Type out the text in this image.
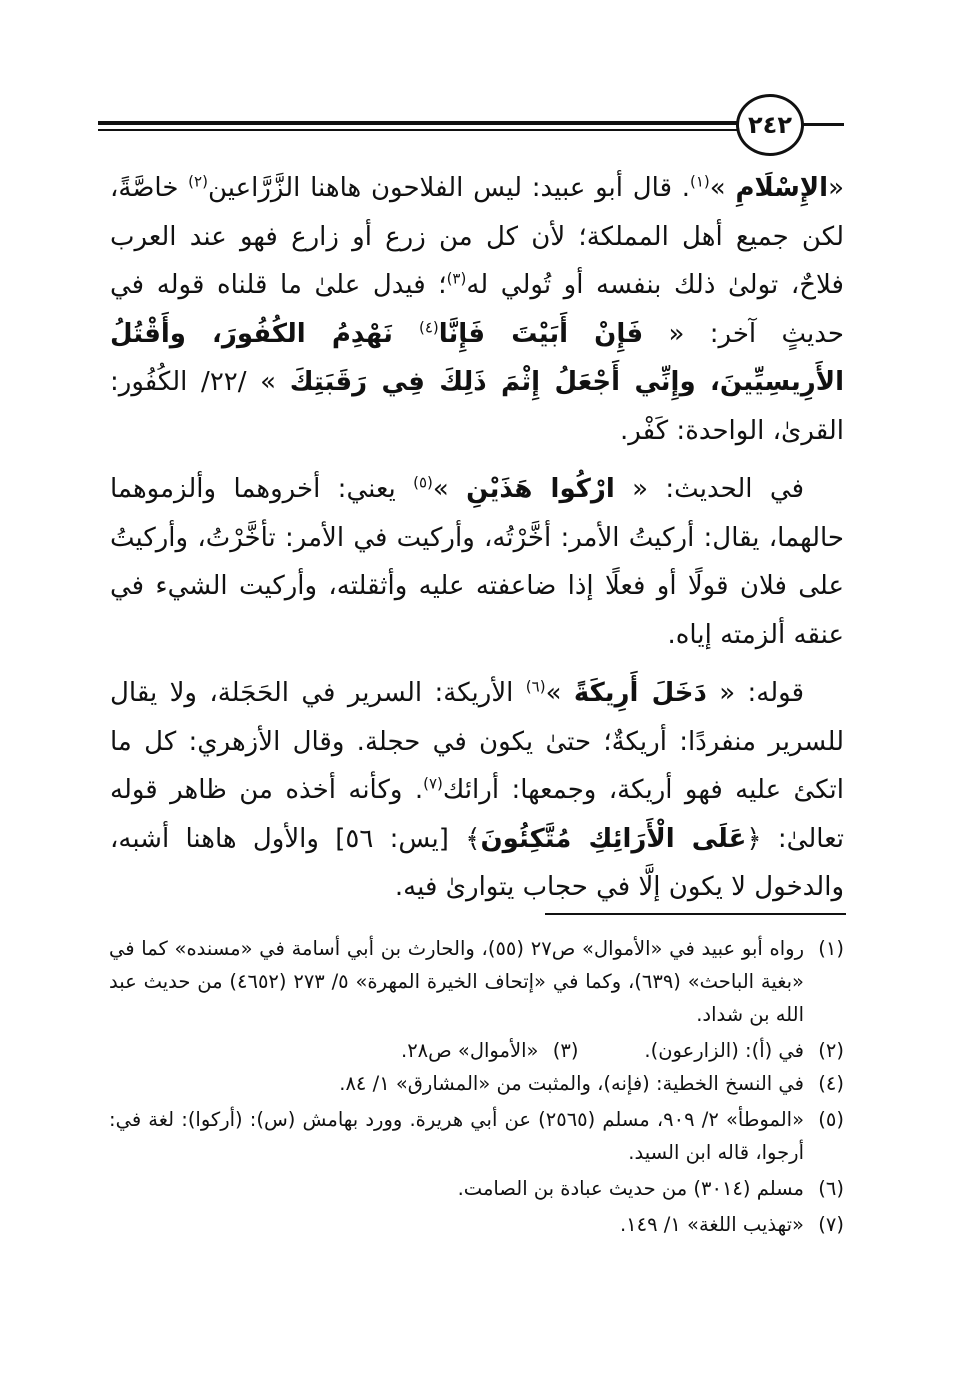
٢٤٢

«الإِسْلَامِ »$^{(١)}$. قال أبو عبيد: ليس الفلاحون هاهنا الزَّرَّاعين$^{(٢)}$ خاصَّةً، لكن جميع أهل المملكة؛ لأن كل من زرع أو زارع فهو عند العرب فلاحٌ، تولىٰ ذلك بنفسه أو تُولي له$^{(٣)}$؛ فيدل علىٰ ما قلناه قوله في حديثٍ آخر: « فَإِنْ أَبَيْتَ فَإِنَّا$^{(٤)}$ نَهْدِمُ الكُفُورَ، وأَقْتُلُ الأَرِيسِيِّينَ، وإِنِّي أَجْعَلُ إِثْمَ ذَلِكَ فِي رَقَبَتِكَ » /٢٢/ الكُفُور: القرىٰ، الواحدة: كَفْر.

في الحديث: « ارْكُوا هَذَيْنِ »$^{(٥)}$ يعني: أخروهما وألزموهما حالهما، يقال: أركيتُ الأمر: أخَّرْتُه، وأركيت في الأمر: تأخَّرْتُ، وأركيتُ على فلان قولًا أو فعلًا إذا ضاعفته عليه وأثقلته، وأركيت الشيء في عنقه ألزمته إياه.

قوله: « دَخَلَ أَرِيكَةً »$^{(٦)}$ الأريكة: السرير في الحَجَلة، ولا يقال للسرير منفردًا: أريكةٌ؛ حتىٰ يكون في حجلة. وقال الأزهري: كل ما اتكئ عليه فهو أريكة، وجمعها: أرائك$^{(٧)}$. وكأنه أخذه من ظاهر قوله تعالىٰ: ﴿عَلَى الْأَرَائِكِ مُتَّكِئُونَ﴾ [يس: ٥٦] والأول هاهنا أشبه، والدخول لا يكون إلَّا في حجاب يتوارىٰ فيه.

(١)
رواه أبو عبيد في «الأموال» ص٢٧ (٥٥)، والحارث بن أبي أسامة في «مسنده» كما في «بغية الباحث» (٦٣٩)، وكما في «إتحاف الخيرة المهرة» ٥/ ٢٧٣ (٤٦٥٢) من حديث عبد الله بن شداد.
(٢)
في (أ): (الزارعون).
(٣)
«الأموال» ص٢٨.
(٤)
في النسخ الخطية: (فإنه)، والمثبت من «المشارق» ١/ ٨٤.
(٥)
«الموطأ» ٢/ ٩٠٩، مسلم (٢٥٦٥) عن أبي هريرة. وورد بهامش (س): (أركوا): لغة في: أرجوا، قاله ابن السيد.
(٦)
مسلم (٣٠١٤) من حديث عبادة بن الصامت.
(٧)
«تهذيب اللغة» ١/ ١٤٩.
